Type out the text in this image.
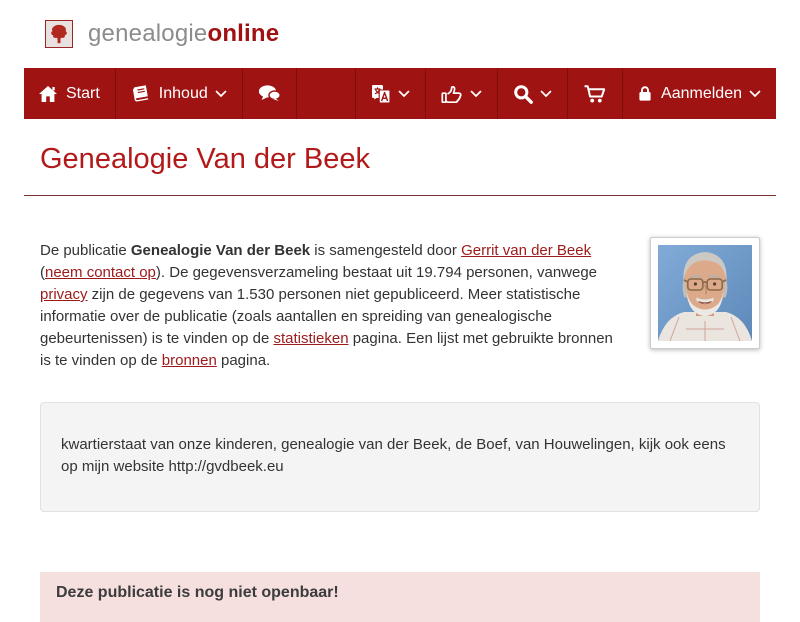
genealogieonline
Start	Inhoud	Aanmelden
Genealogie Van der Beek

De publicatie Genealogie Van der Beek is samengesteld door Gerrit van der Beek (neem contact op). De gegevensverzameling bestaat uit 19.794 personen, vanwege privacy zijn de gegevens van 1.530 personen niet gepubliceerd. Meer statistische informatie over de publicatie (zoals aantallen en spreiding van genealogische gebeurtenissen) is te vinden op de statistieken pagina. Een lijst met gebruikte bronnen is te vinden op de bronnen pagina.

kwartierstaat van onze kinderen, genealogie van der Beek, de Boef, van Houwelingen, kijk ook eens op mijn website http://gvdbeek.eu

Deze publicatie is nog niet openbaar!
